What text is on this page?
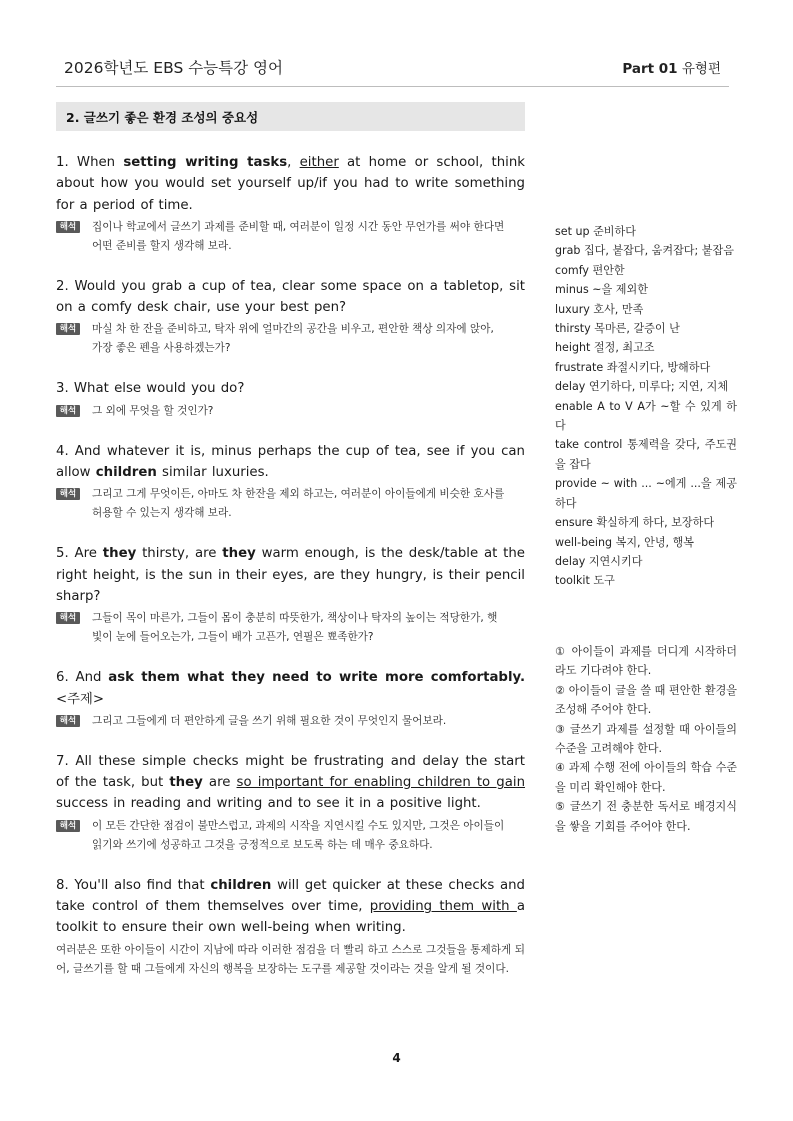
2026학년도 EBS 수능특강 영어	Part 01 유형편
2. 글쓰기 좋은 환경 조성의 중요성
1. When setting writing tasks, either at home or school, think about how you would set yourself up/if you had to write something for a period of time.
해석	집이나 학교에서 글쓰기 과제를 준비할 때, 여러분이 일정 시간 동안 무언가를 써야 한다면 어떤 준비를 할지 생각해 보라.
2. Would you grab a cup of tea, clear some space on a tabletop, sit on a comfy desk chair, use your best pen?
해석	마실 차 한 잔을 준비하고, 탁자 위에 얼마간의 공간을 비우고, 편안한 책상 의자에 앉아, 가장 좋은 펜을 사용하겠는가?
3. What else would you do?
해석	그 외에 무엇을 할 것인가?
4. And whatever it is, minus perhaps the cup of tea, see if you can allow children similar luxuries.
해석	그리고 그게 무엇이든, 아마도 차 한잔을 제외 하고는, 여러분이 아이들에게 비슷한 호사를 허용할 수 있는지 생각해 보라.
5. Are they thirsty, are they warm enough, is the desk/table at the right height, is the sun in their eyes, are they hungry, is their pencil sharp?
해석	그들이 목이 마른가, 그들이 몸이 충분히 따뜻한가, 책상이나 탁자의 높이는 적당한가, 햇빛이 눈에 들어오는가, 그들이 배가 고픈가, 연필은 뾰족한가?
6. And ask them what they need to write more comfortably. <주제>
해석	그리고 그들에게 더 편안하게 글을 쓰기 위해 필요한 것이 무엇인지 물어보라.
7. All these simple checks might be frustrating and delay the start of the task, but they are so important for enabling children to gain success in reading and writing and to see it in a positive light.
해석	이 모든 간단한 점검이 불만스럽고, 과제의 시작을 지연시킬 수도 있지만, 그것은 아이들이 읽기와 쓰기에 성공하고 그것을 긍정적으로 보도록 하는 데 매우 중요하다.
8. You'll also find that children will get quicker at these checks and take control of them themselves over time, providing them with a toolkit to ensure their own well-being when writing.
여러분은 또한 아이들이 시간이 지남에 따라 이러한 점검을 더 빨리 하고 스스로 그것들을 통제하게 되어, 글쓰기를 할 때 그들에게 자신의 행복을 보장하는 도구를 제공할 것이라는 것을 알게 될 것이다.
set up 준비하다
grab 집다, 붙잡다, 움켜잡다; 붙잡음
comfy 편안한
minus ~을 제외한
luxury 호사, 만족
thirsty 목마른, 갈증이 난
height 절정, 최고조
frustrate 좌절시키다, 방해하다
delay 연기하다, 미루다; 지연, 지체
enable A to V A가 ~할 수 있게 하다
take control 통제력을 갖다, 주도권을 잡다
provide ~ with ... ~에게 ...을 제공하다
ensure 확실하게 하다, 보장하다
well-being 복지, 안녕, 행복
delay 지연시키다
toolkit 도구
① 아이들이 과제를 더디게 시작하더라도 기다려야 한다.
② 아이들이 글을 쓸 때 편안한 환경을 조성해 주어야 한다.
③ 글쓰기 과제를 설정할 때 아이들의 수준을 고려해야 한다.
④ 과제 수행 전에 아이들의 학습 수준을 미리 확인해야 한다.
⑤ 글쓰기 전 충분한 독서로 배경지식을 쌓을 기회를 주어야 한다.
4
